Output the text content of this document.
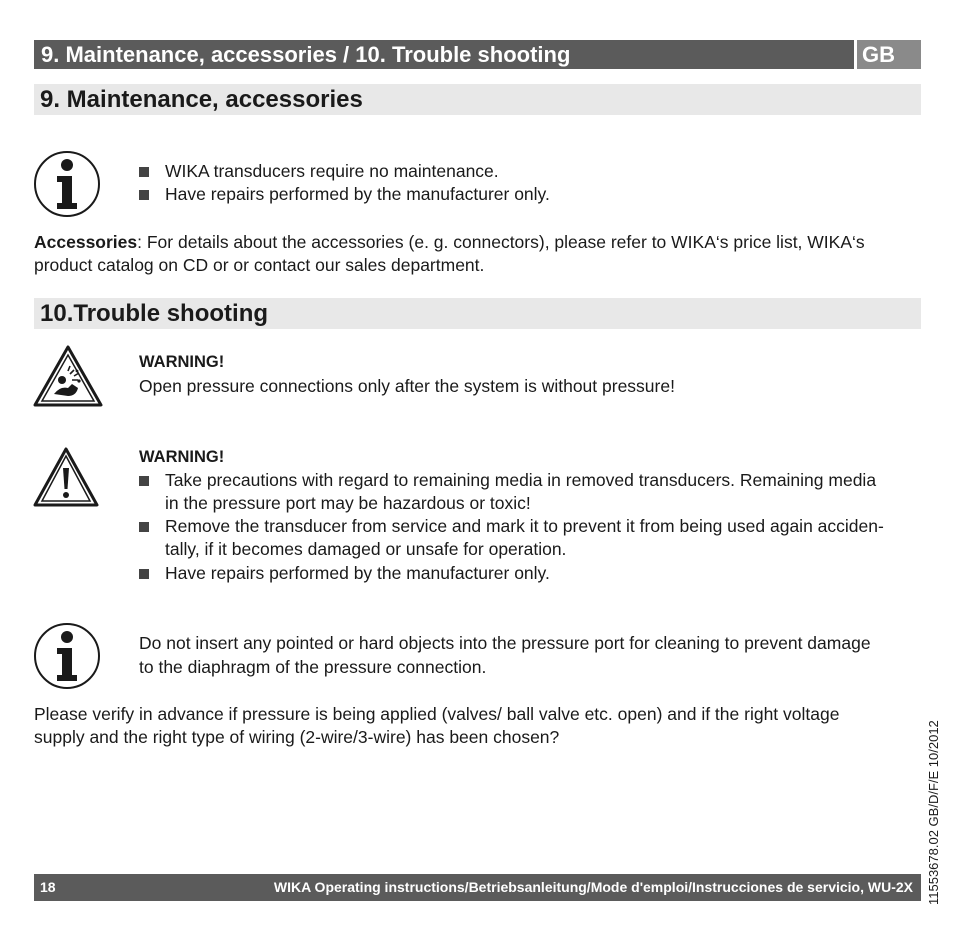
9. Maintenance, accessories / 10. Trouble shooting	GB
9. Maintenance, accessories
WIKA transducers require no maintenance.
Have repairs performed by the manufacturer only.
Accessories: For details about the accessories (e. g. connectors), please refer to WIKA‘s price list, WIKA‘s
product catalog on CD or or contact our sales department.
10.Trouble shooting
WARNING!
Open pressure connections only after the system is without pressure!
WARNING!
Take precautions with regard to remaining media in removed transducers. Remaining media
in the pressure port may be hazardous or toxic!
Remove the transducer from service and mark it to prevent it from being used again acciden-
tally, if it becomes damaged or unsafe for operation.
Have repairs performed by the manufacturer only.
Do not insert any pointed or hard objects into the pressure port for cleaning to prevent damage
to the diaphragm of the pressure connection.
Please verify in advance if pressure is being applied (valves/ ball valve etc. open) and if the right voltage
supply and the right type of wiring (2-wire/3-wire) has been chosen?	11553678.02 GB/D/F/E 10/2012
18	WIKA Operating instructions/Betriebsanleitung/Mode d'emploi/Instrucciones de servicio, WU-2X
